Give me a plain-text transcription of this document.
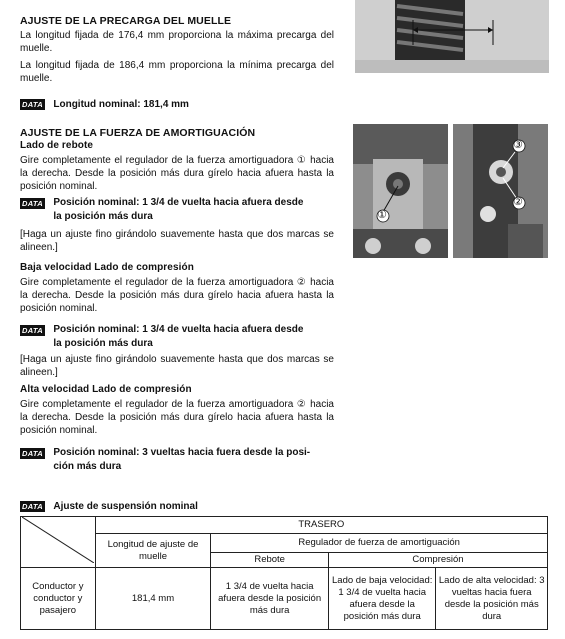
AJUSTE DE LA PRECARGA DEL MUELLE
La longitud fijada de 176,4 mm proporciona la máxima precarga del muelle.
La longitud fijada de 186,4 mm proporciona la mínima precarga del muelle.
DATA Longitud nominal: 181,4 mm
AJUSTE DE LA FUERZA DE AMORTIGUACIÓN
Lado de rebote
Gire completamente el regulador de la fuerza amortiguadora ① hacia la derecha. Desde la posición más dura gírelo hacia afuera hasta la posición nominal.
DATA Posición nominal: 1 3/4 de vuelta hacia afuera desde
la posición más dura
[Haga un ajuste fino girándolo suavemente hasta que dos marcas se alineen.]
Baja velocidad Lado de compresión
Gire completamente el regulador de la fuerza amortiguadora ② hacia la derecha. Desde la posición más dura gírelo hacia afuera hasta la posición nominal.
DATA Posición nominal: 1 3/4 de vuelta hacia afuera desde
la posición más dura
[Haga un ajuste fino girándolo suavemente hasta que dos marcas se alineen.]
Alta velocidad Lado de compresión
Gire completamente el regulador de la fuerza amortiguadora ② hacia la derecha. Desde la posición más dura gírelo hacia afuera hasta la posición nominal.
DATA Posición nominal: 3 vueltas hacia fuera desde la posi-
ción más dura
①
③
②
DATA Ajuste de suspensión nominal
	TRASERO			
	Longitud de ajuste de muelle	Regulador de fuerza de amortiguación		
		Rebote	Compresión	
Conductor y conductor y pasajero	181,4 mm	1 3/4 de vuelta hacia afuera desde la posición más dura	Lado de baja velocidad: 1 3/4 de vuelta hacia afuera desde la posición más dura	Lado de alta velocidad: 3 vueltas hacia fuera desde la posición más dura
